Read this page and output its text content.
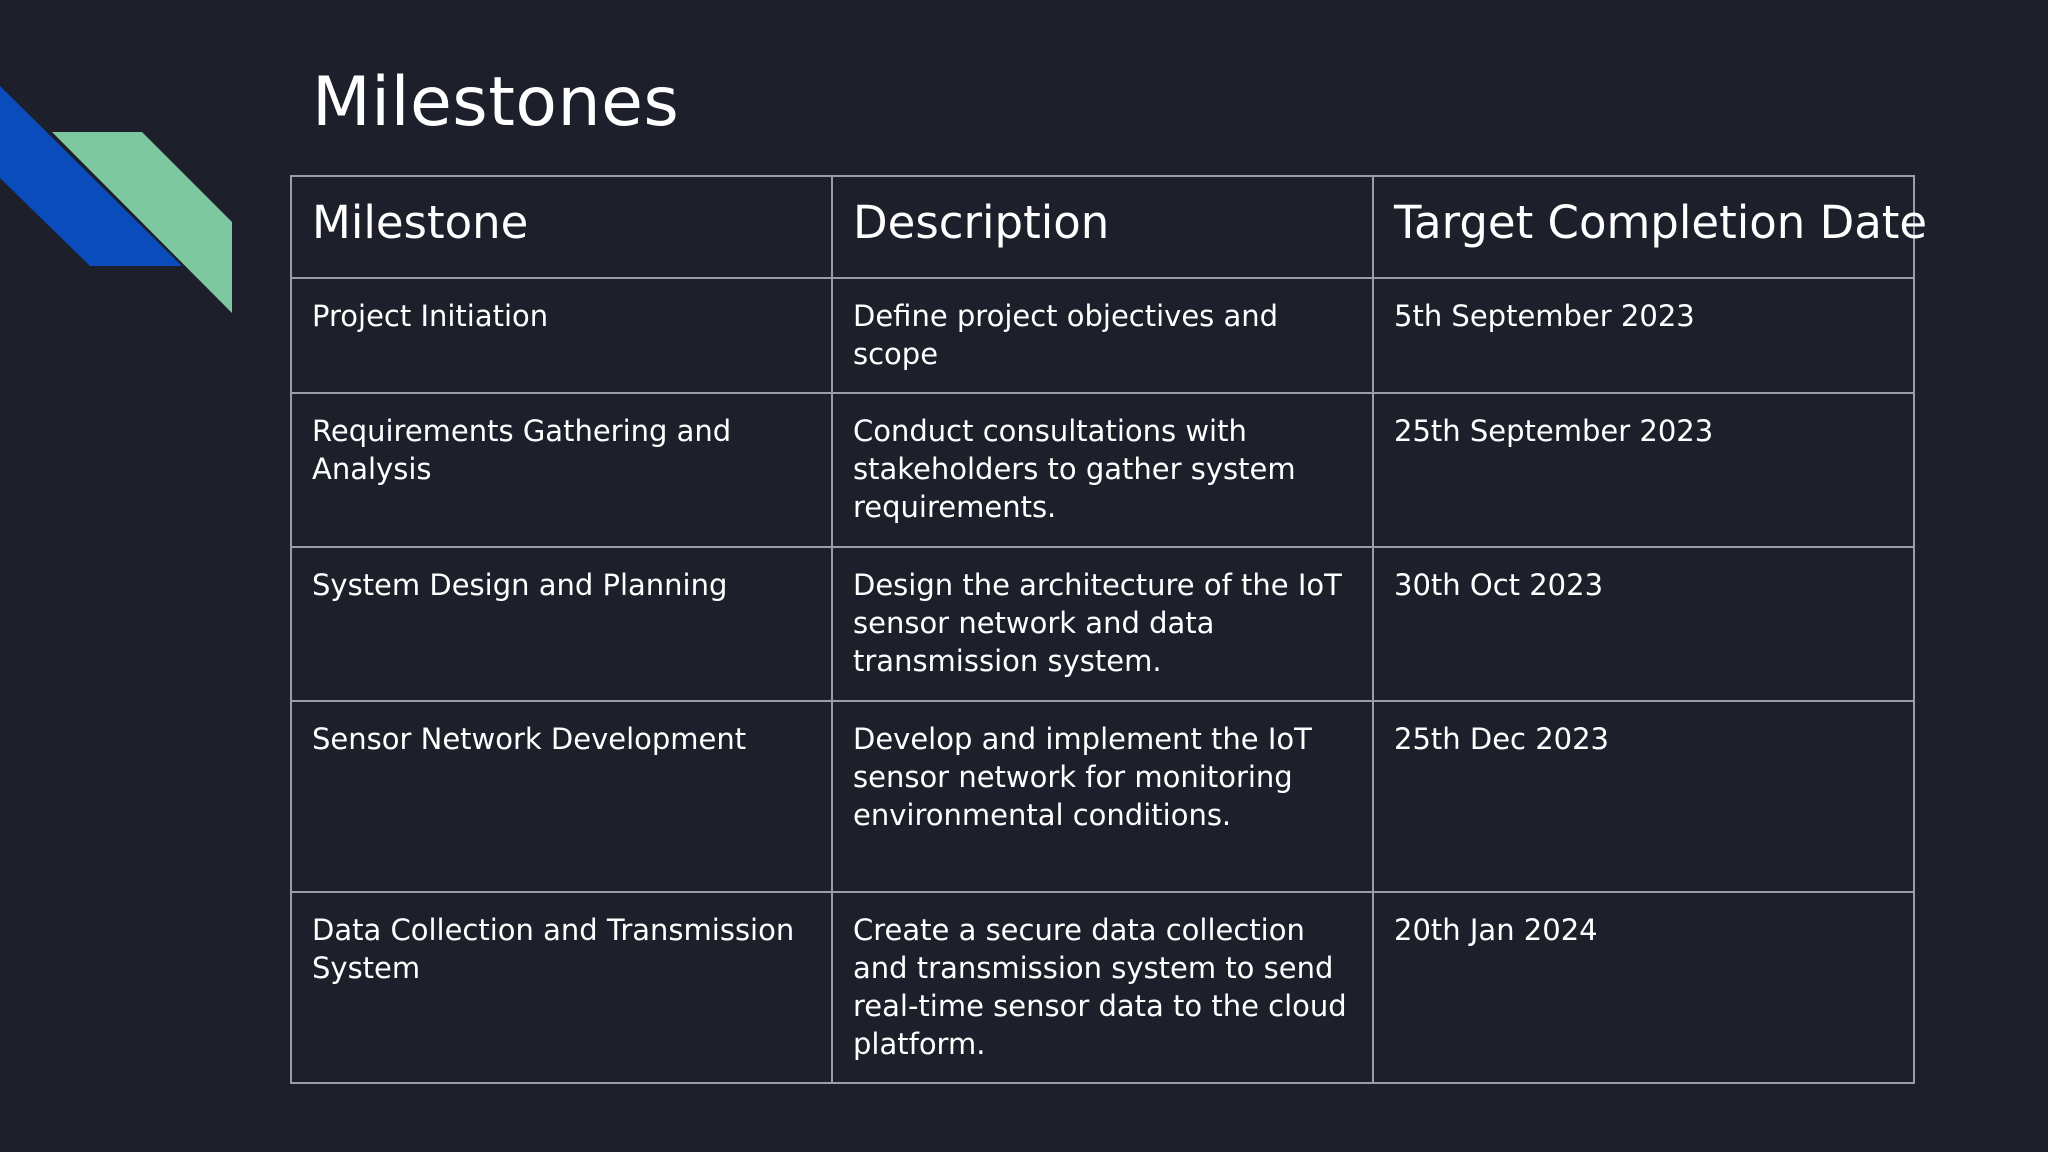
Milestones
Milestone	Description	Target Completion Date
Project Initiation	Define project objectives and scope	5th September 2023
Requirements Gathering and Analysis	Conduct consultations with stakeholders to gather system requirements.	25th September 2023
System Design and Planning	Design the architecture of the IoT sensor network and data transmission system.	30th Oct 2023
Sensor Network Development	Develop and implement the IoT sensor network for monitoring environmental conditions.	25th Dec 2023
Data Collection and Transmission System	Create a secure data collection and transmission system to send real-time sensor data to the cloud platform.	20th Jan 2024
